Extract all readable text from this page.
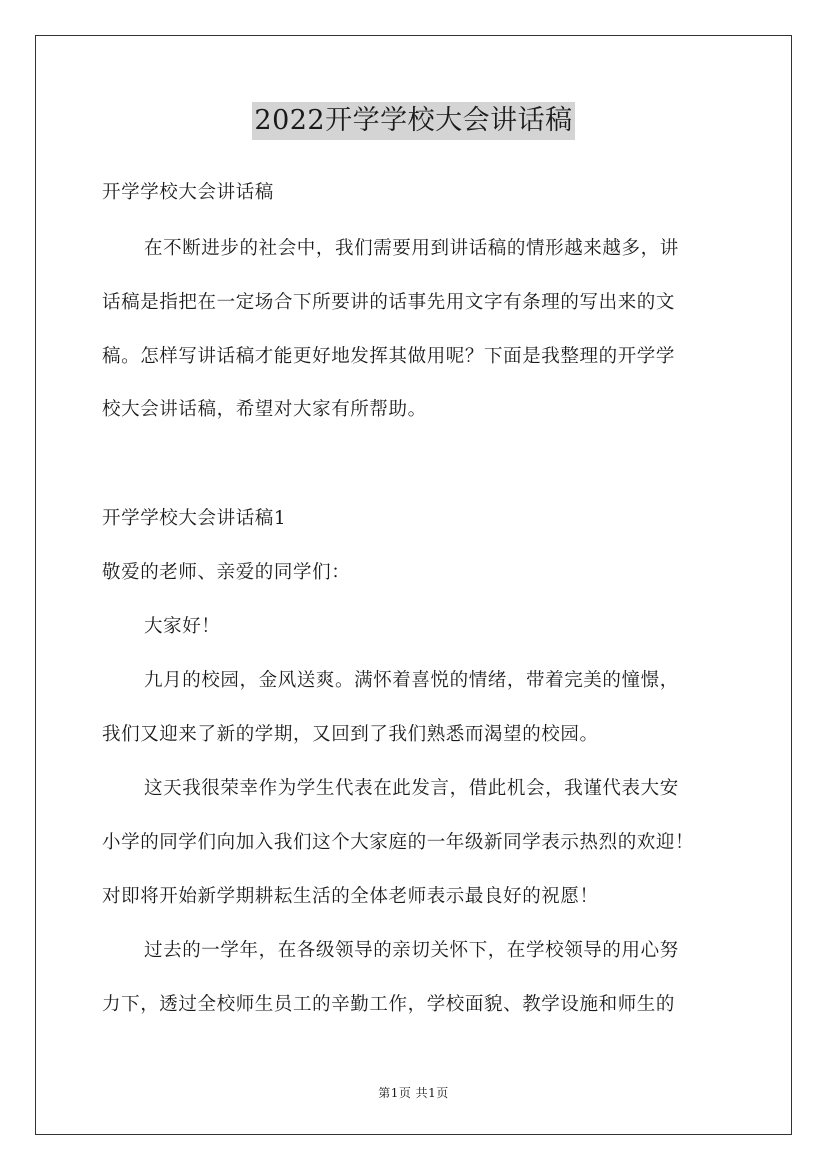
2022开学学校大会讲话稿
开学学校大会讲话稿
在不断进步的社会中，我们需要用到讲话稿的情形越来越多，讲
话稿是指把在一定场合下所要讲的话事先用文字有条理的写出来的文
稿。怎样写讲话稿才能更好地发挥其做用呢？下面是我整理的开学学
校大会讲话稿，希望对大家有所帮助。
开学学校大会讲话稿1
敬爱的老师、亲爱的同学们：
大家好！
九月的校园，金风送爽。满怀着喜悦的情绪，带着完美的憧憬，
我们又迎来了新的学期，又回到了我们熟悉而渴望的校园。
这天我很荣幸作为学生代表在此发言，借此机会，我谨代表大安
小学的同学们向加入我们这个大家庭的一年级新同学表示热烈的欢迎！
对即将开始新学期耕耘生活的全体老师表示最良好的祝愿！
过去的一学年，在各级领导的亲切关怀下，在学校领导的用心努
力下，透过全校师生员工的辛勤工作，学校面貌、教学设施和师生的
第1页 共1页
